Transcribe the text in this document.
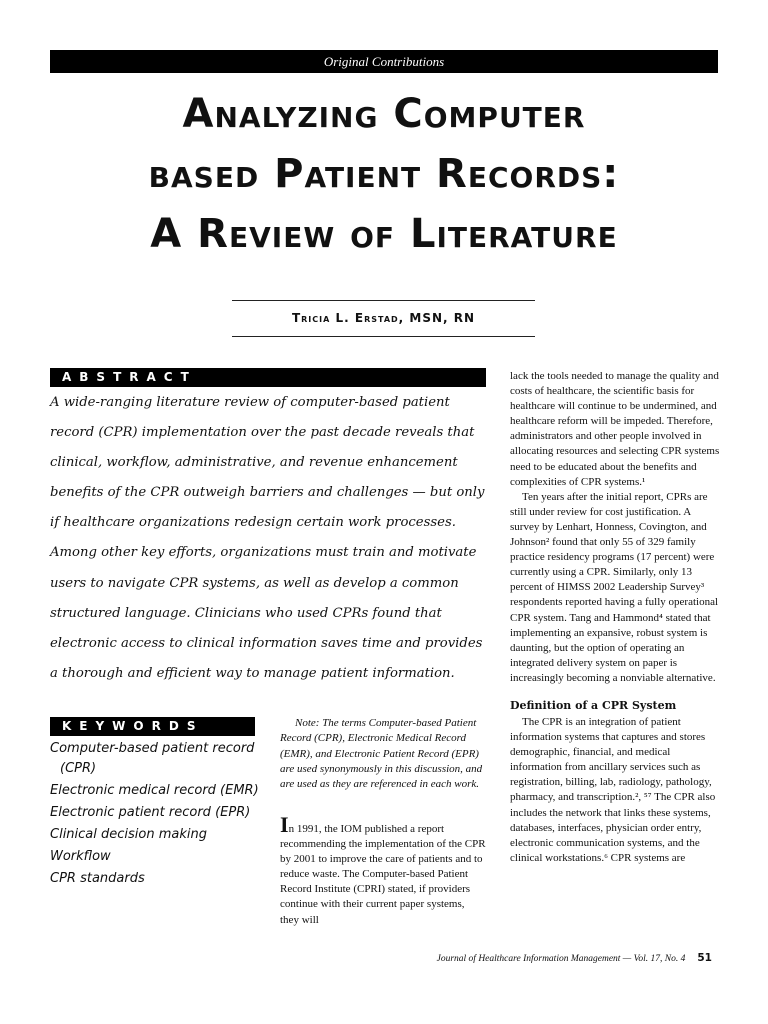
Original Contributions
Analyzing Computer
based Patient Records:
A Review of Literature
Tricia L. Erstad, MSN, RN
ABSTRACT

A wide-ranging literature review of computer-based patient record (CPR) implementation over the past decade reveals that clinical, workflow, administrative, and revenue enhancement benefits of the CPR outweigh barriers and challenges — but only if healthcare organizations redesign certain work processes. Among other key efforts, organizations must train and motivate users to navigate CPR systems, as well as develop a common structured language. Clinicians who used CPRs found that electronic access to clinical information saves time and provides a thorough and efficient way to manage patient information.

KEYWORDS
Computer-based patient record (CPR)
Electronic medical record (EMR)
Electronic patient record (EPR)
Clinical decision making
Workflow
CPR standards

Note: The terms Computer-based Patient Record (CPR), Electronic Medical Record (EMR), and Electronic Patient Record (EPR) are used synonymously in this discussion, and are used as they are referenced in each work.

In 1991, the IOM published a report recommending the implementation of the CPR by 2001 to improve the care of patients and to reduce waste. The Computer-based Patient Record Institute (CPRI) stated, if providers continue with their current paper systems, they will

lack the tools needed to manage the quality and costs of healthcare, the scientific basis for healthcare will continue to be undermined, and healthcare reform will be impeded. Therefore, administrators and other people involved in allocating resources and selecting CPR systems need to be educated about the benefits and complexities of CPR systems.¹

Ten years after the initial report, CPRs are still under review for cost justification. A survey by Lenhart, Honness, Covington, and Johnson² found that only 55 of 329 family practice residency programs (17 percent) were currently using a CPR. Similarly, only 13 percent of HIMSS 2002 Leadership Survey³ respondents reported having a fully operational CPR system. Tang and Hammond⁴ stated that implementing an expansive, robust system is daunting, but the option of operating an integrated delivery system on paper is increasingly becoming a nonviable alternative.

Definition of a CPR System

The CPR is an integration of patient information systems that captures and stores demographic, financial, and medical information from ancillary services such as registration, billing, lab, radiology, pathology, pharmacy, and transcription.², ⁵⁷ The CPR also includes the network that links these systems, databases, interfaces, physician order entry, electronic communication systems, and the clinical workstations.⁶ CPR systems are

Journal of Healthcare Information Management — Vol. 17, No. 4 51
